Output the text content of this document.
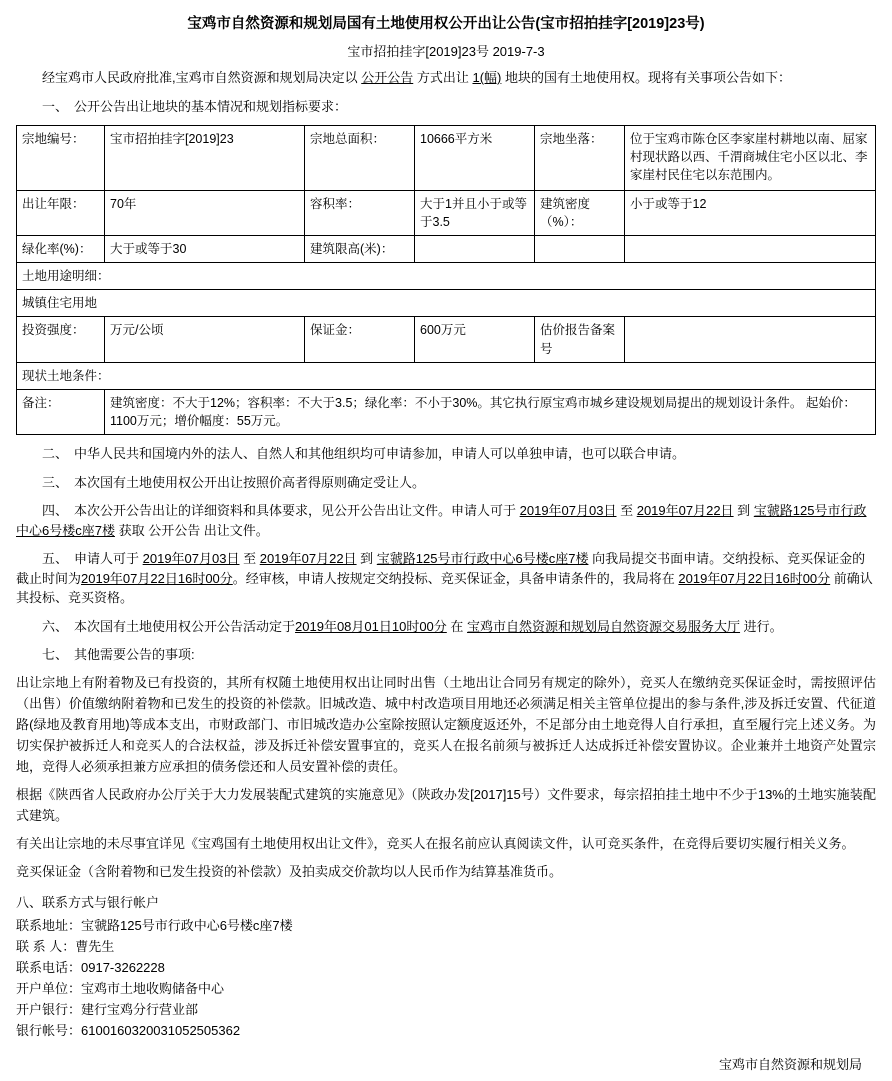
宝鸡市自然资源和规划局国有土地使用权公开出让公告(宝市招拍挂字[2019]23号)
宝市招拍挂字[2019]23号 2019-7-3
经宝鸡市人民政府批准,宝鸡市自然资源和规划局决定以 公开公告 方式出让 1(幅) 地块的国有土地使用权。现将有关事项公告如下：
一、 公开公告出让地块的基本情况和规划指标要求：
宗地编号：	宝市招拍挂字[2019]23	宗地总面积：	10666平方米	宗地坐落：	位于宝鸡市陈仓区李家崖村耕地以南、屈家村现状路以西、千渭商城住宅小区以北、李家崖村民住宅以东范围内。
出让年限：	70年	容积率：	大于1并且小于或等于3.5	建筑密度（%）：	小于或等于12
绿化率(%)：	大于或等于30	建筑限高(米)：			
土地用途明细：					
城镇住宅用地					
投资强度：	万元/公顷	保证金：	600万元	估价报告备案号	
现状土地条件：					
备注：	建筑密度：不大于12%；容积率：不大于3.5；绿化率：不小于30%。其它执行原宝鸡市城乡建设规划局提出的规划设计条件。 起始价：1100万元；增价幅度：55万元。				
二、 中华人民共和国境内外的法人、自然人和其他组织均可申请参加，申请人可以单独申请，也可以联合申请。
三、 本次国有土地使用权公开出让按照价高者得原则确定受让人。
四、 本次公开公告出让的详细资料和具体要求，见公开公告出让文件。申请人可于 2019年07月03日 至 2019年07月22日 到 宝虢路125号市行政中心6号楼c座7楼 获取 公开公告 出让文件。
五、 申请人可于 2019年07月03日 至 2019年07月22日 到 宝虢路125号市行政中心6号楼c座7楼 向我局提交书面申请。交纳投标、竞买保证金的截止时间为2019年07月22日16时00分。经审核，申请人按规定交纳投标、竞买保证金，具备申请条件的，我局将在 2019年07月22日16时00分 前确认其投标、竞买资格。
六、 本次国有土地使用权公开公告活动定于2019年08月01日10时00分 在 宝鸡市自然资源和规划局自然资源交易服务大厅 进行。
七、 其他需要公告的事项:
出让宗地上有附着物及已有投资的，其所有权随土地使用权出让同时出售（土地出让合同另有规定的除外），竞买人在缴纳竞买保证金时，需按照评估（出售）价值缴纳附着物和已发生的投资的补偿款。旧城改造、城中村改造项目用地还必须满足相关主管单位提出的参与条件,涉及拆迁安置、代征道路(绿地及教育用地)等成本支出，市财政部门、市旧城改造办公室除按照认定额度返还外，不足部分由土地竞得人自行承担，直至履行完上述义务。为切实保护被拆迁人和竞买人的合法权益，涉及拆迁补偿安置事宜的，竞买人在报名前须与被拆迁人达成拆迁补偿安置协议。企业兼并土地资产处置宗地，竞得人必须承担兼方应承担的债务偿还和人员安置补偿的责任。
根据《陕西省人民政府办公厅关于大力发展装配式建筑的实施意见》（陕政办发[2017]15号）文件要求，每宗招拍挂土地中不少于13%的土地实施装配式建筑。
有关出让宗地的未尽事宜详见《宝鸡国有土地使用权出让文件》，竞买人在报名前应认真阅读文件，认可竞买条件，在竞得后要切实履行相关义务。
竞买保证金（含附着物和已发生投资的补偿款）及拍卖成交价款均以人民币作为结算基准货币。
八、联系方式与银行帐户
联系地址：宝虢路125号市行政中心6号楼c座7楼
联 系 人：曹先生
联系电话：0917-3262228
开户单位：宝鸡市土地收购储备中心
开户银行：建行宝鸡分行营业部
银行帐号：6100160320031052505362
宝鸡市自然资源和规划局
